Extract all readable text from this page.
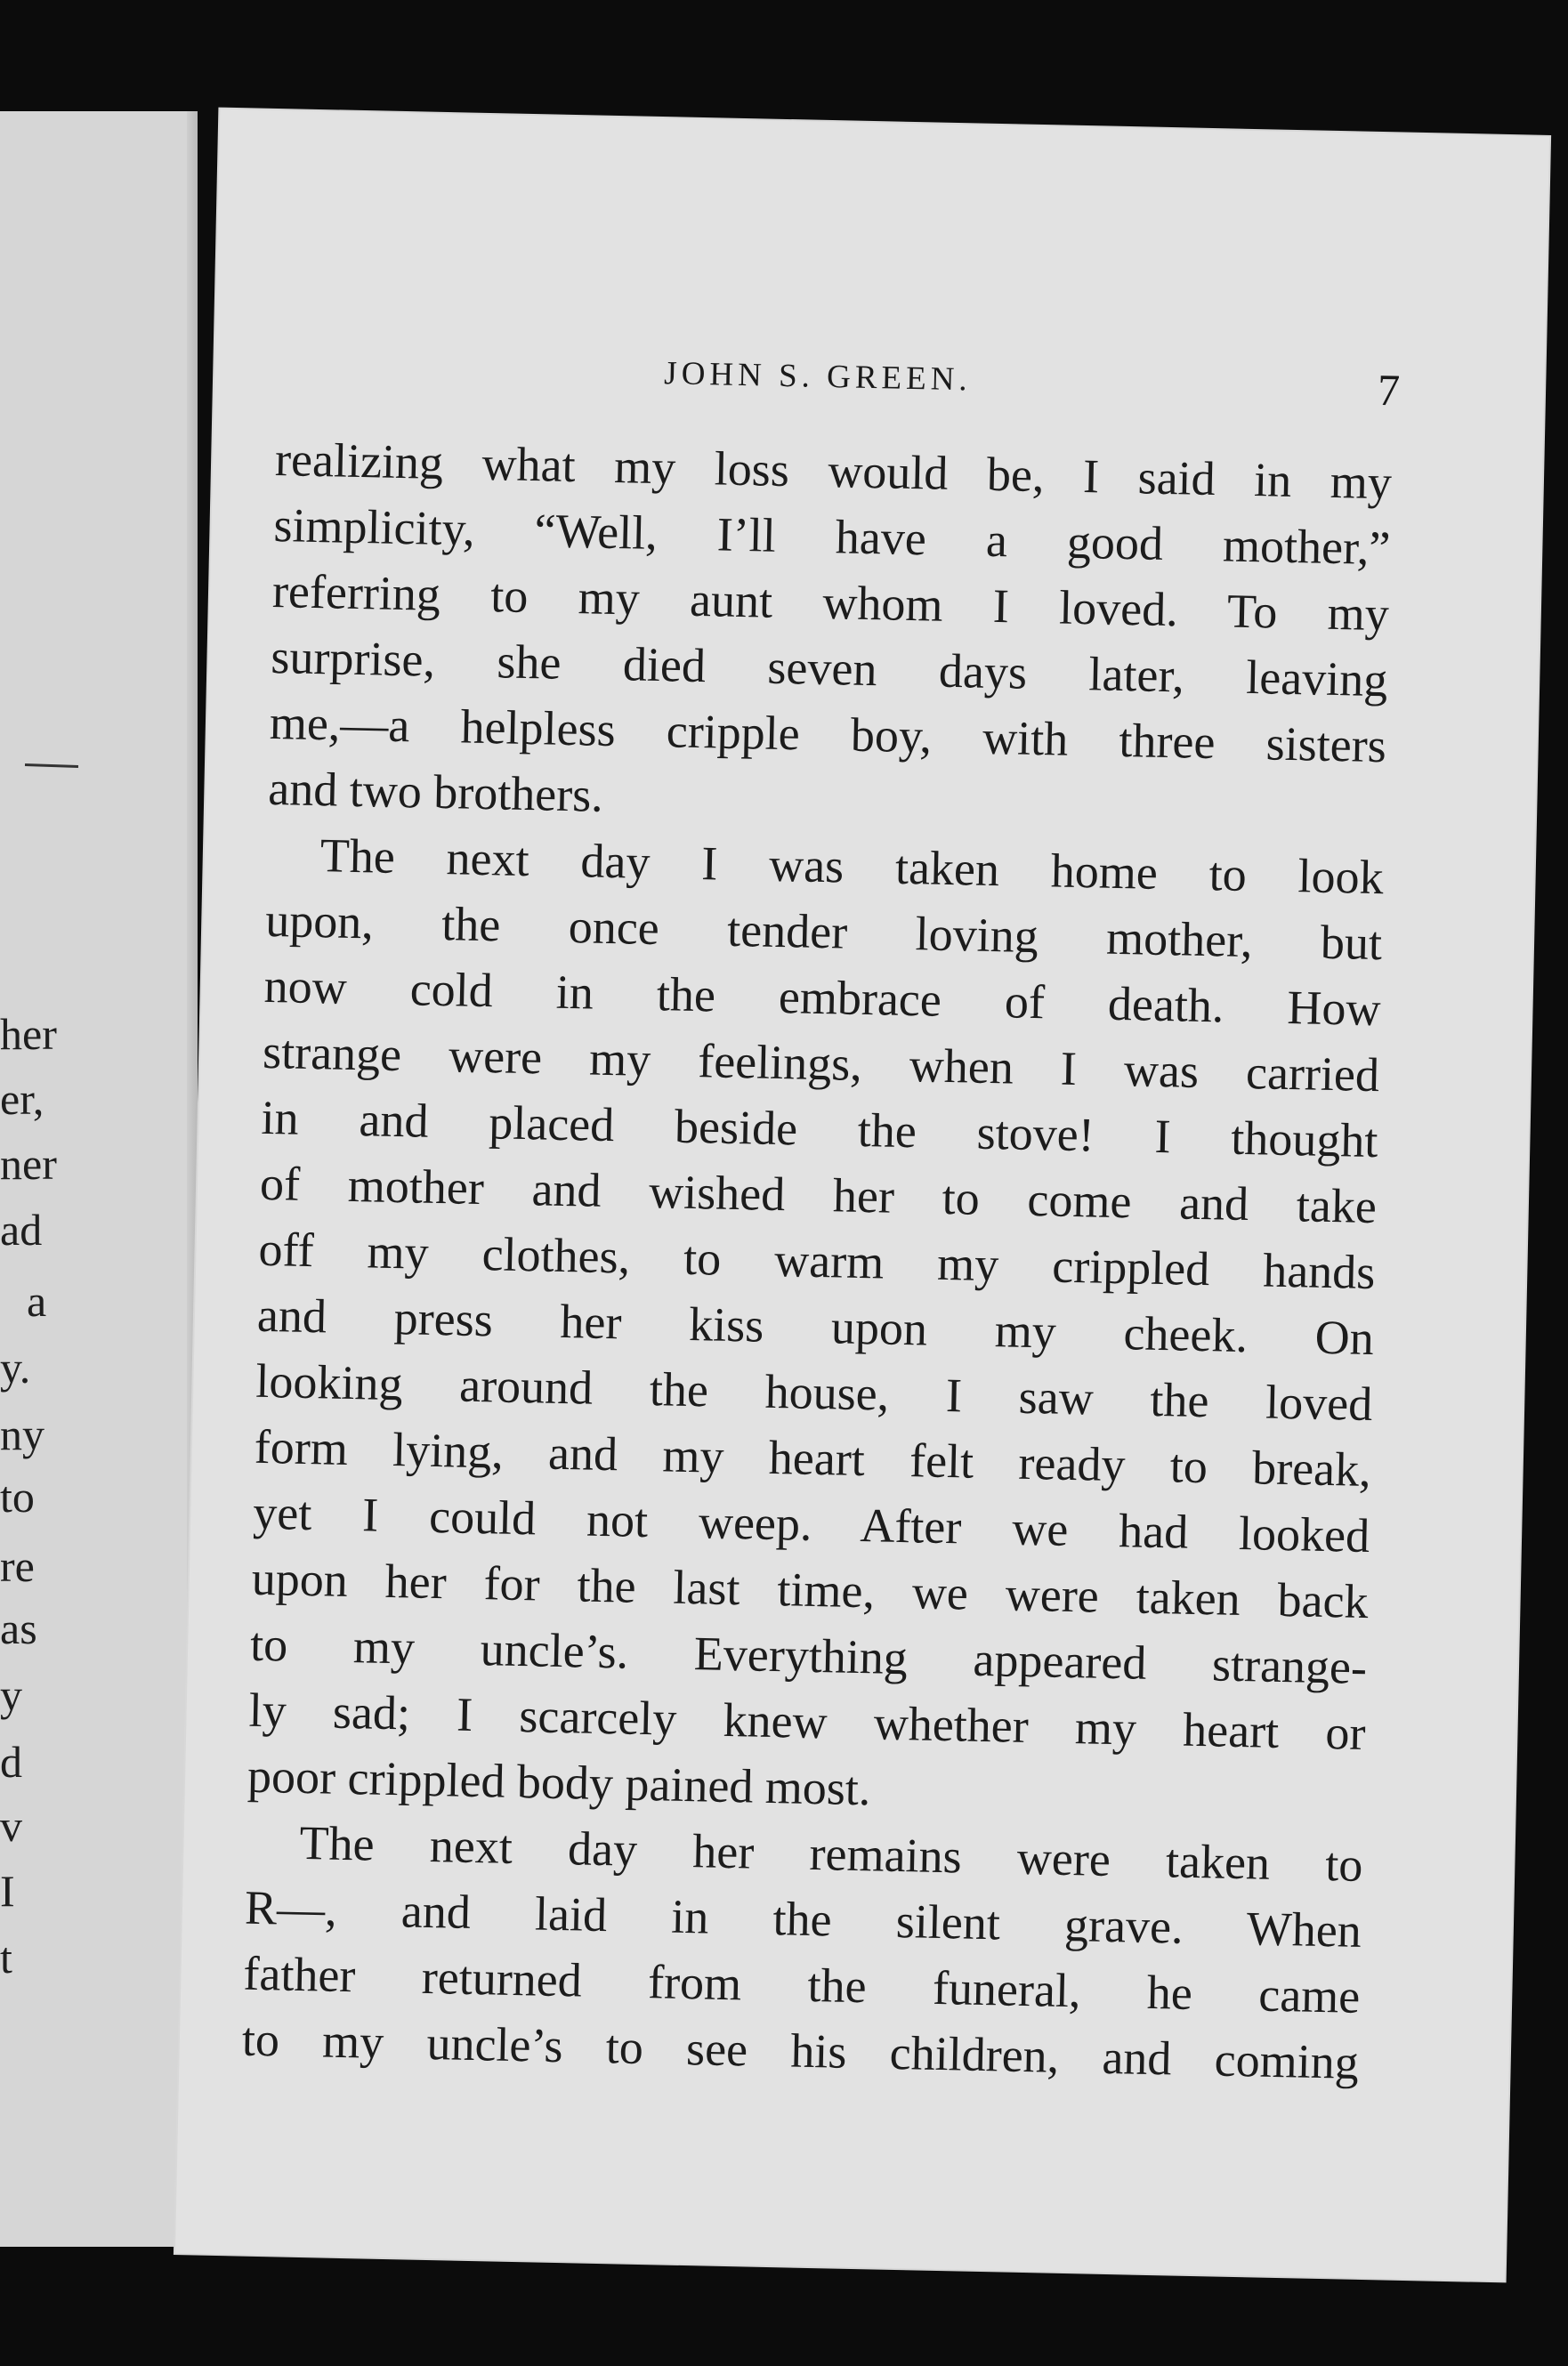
her
er,
ner
ad
a
y.
ny
to
re
as
y
d
v
I
t
JOHN S. GREEN.	7
realizing what my loss would be, I said in my
simplicity, “Well, I’ll have a good mother,”
referring to my aunt whom I loved. To my
surprise, she died seven days later, leaving
me,—a helpless cripple boy, with three sisters
and two brothers.
The next day I was taken home to look
upon, the once tender loving mother, but
now cold in the embrace of death. How
strange were my feelings, when I was carried
in and placed beside the stove! I thought
of mother and wished her to come and take
off my clothes, to warm my crippled hands
and press her kiss upon my cheek. On
looking around the house, I saw the loved
form lying, and my heart felt ready to break,
yet I could not weep. After we had looked
upon her for the last time, we were taken back
to my uncle’s. Everything appeared strange-
ly sad; I scarcely knew whether my heart or
poor crippled body pained most.
The next day her remains were taken to
R—, and laid in the silent grave. When
father returned from the funeral, he came
to my uncle’s to see his children, and coming
